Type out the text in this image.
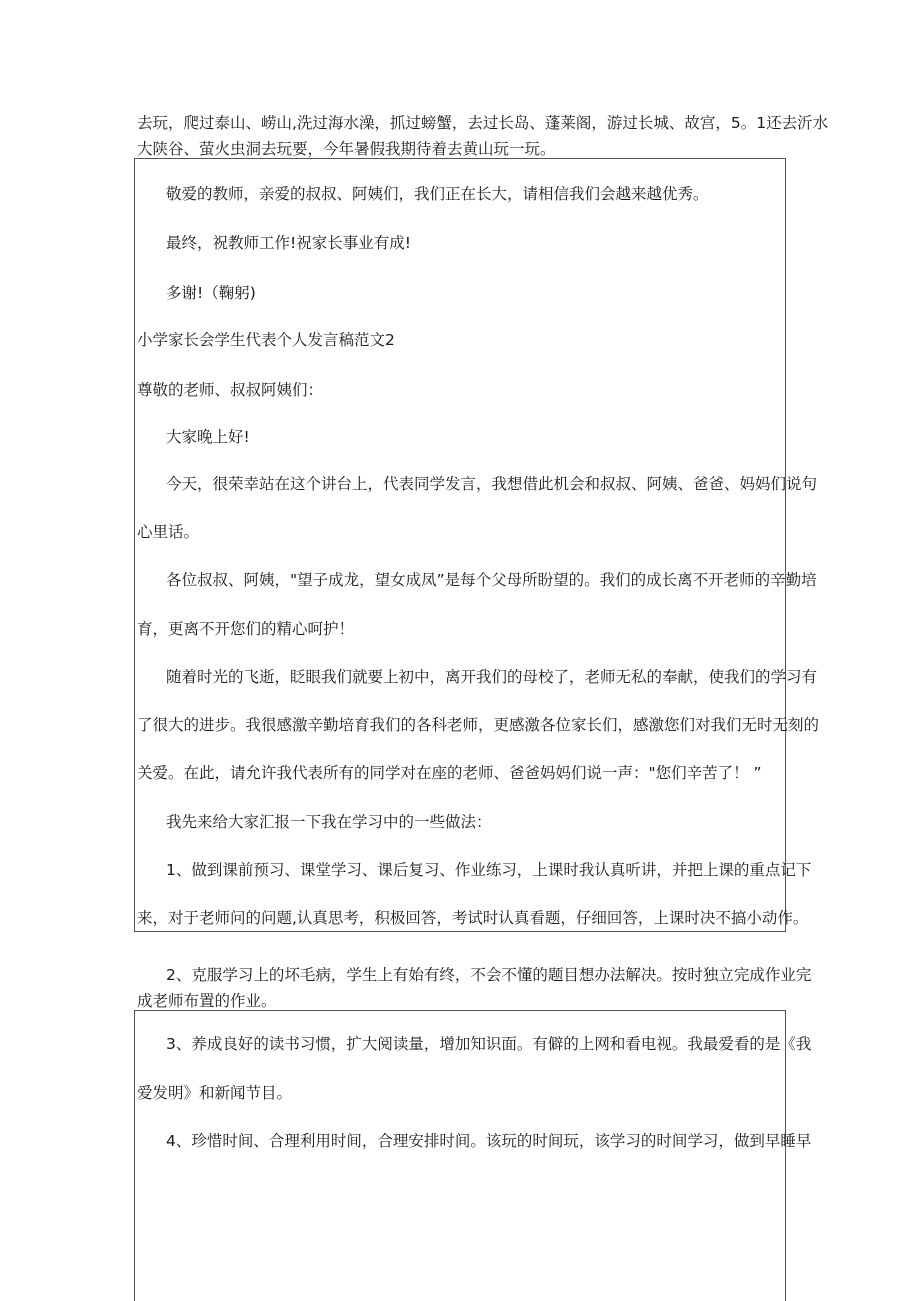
去玩，爬过泰山、崂山,洗过海水澡，抓过螃蟹，去过长岛、蓬莱阁，游过长城、故宫，5。1还去沂水
大陕谷、萤火虫洞去玩要，今年暑假我期待着去黄山玩一玩。
敬爱的教师，亲爱的叔叔、阿姨们，我们正在长大，请相信我们会越来越优秀。
最终，祝教师工作!祝家长事业有成!
多谢!（鞠躬)
小学家长会学生代表个人发言稿范文2
尊敬的老师、叔叔阿姨们：
大家晚上好!
今天，很荣幸站在这个讲台上，代表同学发言，我想借此机会和叔叔、阿姨、爸爸、妈妈们说句
心里话。
各位叔叔、阿姨，"望子成龙，望女成凤”是每个父母所盼望的。我们的成长离不开老师的辛勤培
育，更离不开您们的精心呵护！
随着时光的飞逝，眨眼我们就要上初中，离开我们的母校了，老师无私的奉献，使我们的学习有
了很大的进步。我很感激辛勤培育我们的各科老师，更感激各位家长们，感激您们对我们无时无刻的
关爱。在此，请允许我代表所有的同学对在座的老师、爸爸妈妈们说一声："您们辛苦了！ ”
我先来给大家汇报一下我在学习中的一些做法：
1、做到课前预习、课堂学习、课后复习、作业练习，上课时我认真听讲，并把上课的重点记下
来，对于老师问的问题,认真思考，积极回答，考试时认真看题，仔细回答，上课时决不搞小动作。
2、克服学习上的坏毛病，学生上有始有终，不会不懂的题目想办法解决。按时独立完成作业完
成老师布置的作业。
3、养成良好的读书习惯，扩大阅读量，增加知识面。有僻的上网和看电视。我最爱看的是《我
爱发明》和新闻节目。
4、珍惜时间、合理利用时间，合理安排时间。该玩的时间玩，该学习的时间学习，做到早睡早
